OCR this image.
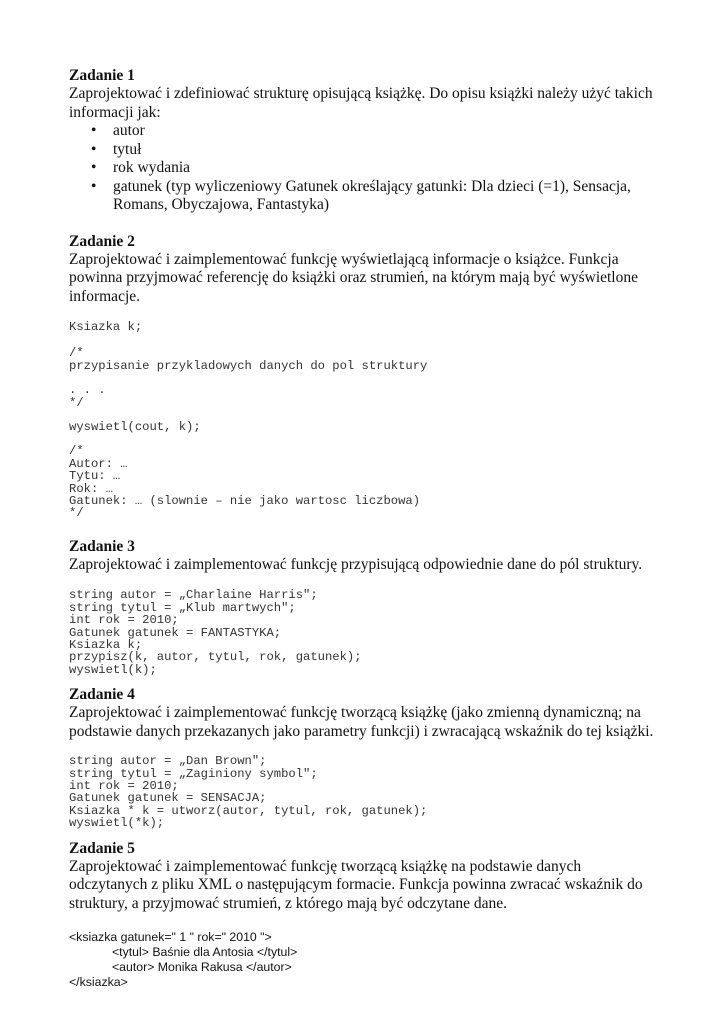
Zadanie 1

Zaprojektować i zdefiniować strukturę opisującą książkę. Do opisu książki należy użyć takich informacji jak:

• autor
• tytuł
• rok wydania
• gatunek (typ wyliczeniowy Gatunek określający gatunki: Dla dzieci (=1), Sensacja, Romans, Obyczajowa, Fantastyka)

Zadanie 2

Zaprojektować i zaimplementować funkcję wyświetlającą informacje o książce. Funkcja powinna przyjmować referencję do książki oraz strumień, na którym mają być wyświetlone informacje.

Ksiazka k;
/*
przypisanie przykladowych danych do pol struktury
. . .
*/
wyswietl(cout, k);
/*
Autor: …
Tytu: …
Rok: …
Gatunek: … (slownie – nie jako wartosc liczbowa)
*/

Zadanie 3

Zaprojektować i zaimplementować funkcję przypisującą odpowiednie dane do pól struktury.

string autor = „Charlaine Harris";
string tytul = „Klub martwych";
int rok = 2010;
Gatunek gatunek = FANTASTYKA;
Ksiazka k;
przypisz(k, autor, tytul, rok, gatunek);
wyswietl(k);

Zadanie 4

Zaprojektować i zaimplementować funkcję tworzącą książkę (jako zmienną dynamiczną; na podstawie danych przekazanych jako parametry funkcji) i zwracającą wskaźnik do tej książki.

string autor = „Dan Brown";
string tytul = „Zaginiony symbol";
int rok = 2010;
Gatunek gatunek = SENSACJA;
Ksiazka * k = utworz(autor, tytul, rok, gatunek);
wyswietl(*k);

Zadanie 5

Zaprojektować i zaimplementować funkcję tworzącą książkę na podstawie danych odczytanych z pliku XML o następującym formacie. Funkcja powinna zwracać wskaźnik do struktury, a przyjmować strumień, z którego mają być odczytane dane.

<ksiazka gatunek=" 1 " rok=" 2010 ">

<tytul> Baśnie dla Antosia </tytul>

<autor> Monika Rakusa </autor>

</ksiazka>
